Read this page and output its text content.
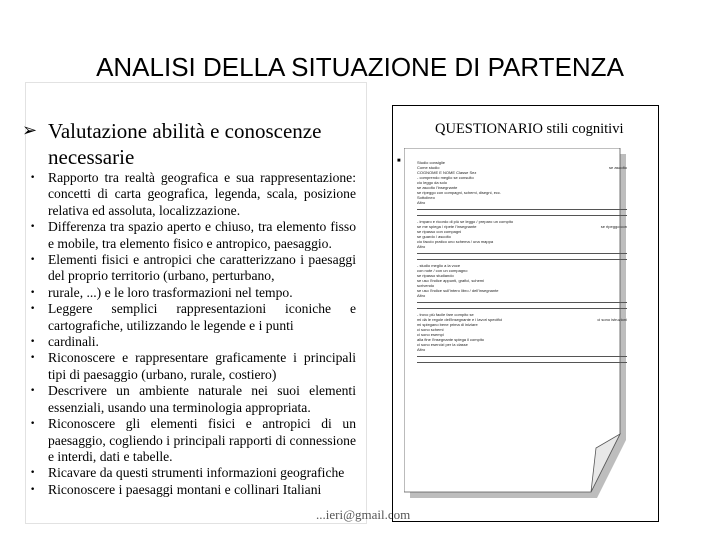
ANALISI DELLA SITUAZIONE DI PARTENZA
➢ Valutazione abilità e conoscenze necessarie
• Rapporto tra realtà geografica e sua rappresentazione: concetti di carta geografica, legenda, scala, posizione relativa ed assoluta, localizzazione.
• Differenza tra spazio aperto e chiuso, tra elemento fisso e mobile, tra elemento fisico e antropico, paesaggio.
• Elementi fisici e antropici che caratterizzano i paesaggi del proprio territorio (urbano, perturbano,
• rurale, ...) e le loro trasformazioni nel tempo.
• Leggere semplici rappresentazioni iconiche e cartografiche, utilizzando le legende e i punti
• cardinali.
• Riconoscere e rappresentare graficamente i principali tipi di paesaggio (urbano, rurale, costiero)
• Descrivere un ambiente naturale nei suoi elementi essenziali, usando una terminologia appropriata.
• Riconoscere gli elementi fisici e antropici di un paesaggio, cogliendo i principali rapporti di connessione e interdi, dati e tabelle.
• Ricavare da questi strumenti informazioni geografiche
• Riconoscere i paesaggi montani e collinari Italiani
...ieri@gmail.com
QUESTIONARIO stili cognitivi
■	Studio consiglie
Come studio	se ascolto
COGNOME E NOME Classe Sez
- comprendo meglio se consulto
cio leggo da solo
se ascolto l'insegnante
se ripeggo con compagni, schemi, disegni, ecc.
Sottolineo
Altro
- imparo e ricordo di più se leggo / preparo un compito
se me spiega / ripete l'insegnante	se ripeggo con
se ripasso con compagni
se guardo / ascolto
cio faccio pratico uno schema / una mappa
Altro
- studio meglio a la voce
con note / con un compagno
se ripasso studiando
se uso l'indice appunti, grafici, schemi
scrivendo
se uso l'indice sull'intero libro / dell'insegnante
Altro
- trovo più facile fare compito se
mi dà le regole dell'insegnante e i lavori specifici	ci sono istruzioni
mi spiegano bene prima di iniziare
ci sono schemi
ci sono esempi
alla fine l'insegnante spiega il compito
ci sono esercizi per la classe
Altro
